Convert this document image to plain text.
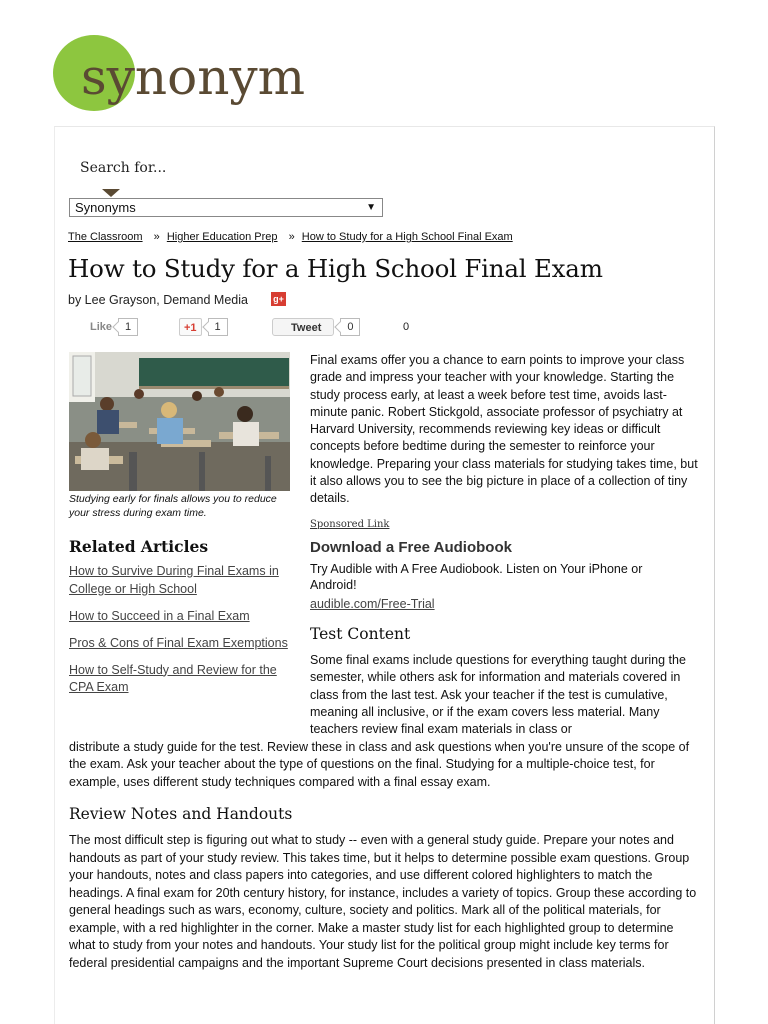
synonym
Search for...
Synonyms	▼
The Classroom » Higher Education Prep » How to Study for a High School Final Exam
How to Study for a High School Final Exam
by Lee Grayson, Demand Media	g+
Like 1	+1 1	Tweet 0	0
Studying early for finals allows you to reduce your stress during exam time.

Final exams offer you a chance to earn points to improve your class grade and impress your teacher with your knowledge. Starting the study process early, at least a week before test time, avoids last-minute panic. Robert Stickgold, associate professor of psychiatry at Harvard University, recommends reviewing key ideas or difficult concepts before bedtime during the semester to reinforce your knowledge. Preparing your class materials for studying takes time, but it also allows you to see the big picture in place of a collection of tiny details.

Sponsored Link
Download a Free Audiobook
Try Audible with A Free Audiobook. Listen on Your iPhone or Android!
audible.com/Free-Trial
Related Articles
How to Survive During Final Exams in College or High School
How to Succeed in a Final Exam
Pros & Cons of Final Exam Exemptions
How to Self-Study and Review for the CPA Exam
Test Content

Some final exams include questions for everything taught during the semester, while others ask for information and materials covered in class from the last test. Ask your teacher if the test is cumulative, meaning all inclusive, or if the exam covers less material. Many teachers review final exam materials in class or

distribute a study guide for the test. Review these in class and ask questions when you're unsure of the scope of the exam. Ask your teacher about the type of questions on the final. Studying for a multiple-choice test, for example, uses different study techniques compared with a final essay exam.

Review Notes and Handouts

The most difficult step is figuring out what to study -- even with a general study guide. Prepare your notes and handouts as part of your study review. This takes time, but it helps to determine possible exam questions. Group your handouts, notes and class papers into categories, and use different colored highlighters to match the headings. A final exam for 20th century history, for instance, includes a variety of topics. Group these according to general headings such as wars, economy, culture, society and politics. Mark all of the political materials, for example, with a red highlighter in the corner. Make a master study list for each highlighted group to determine what to study from your notes and handouts. Your study list for the political group might include key terms for federal presidential campaigns and the important Supreme Court decisions presented in class materials.
